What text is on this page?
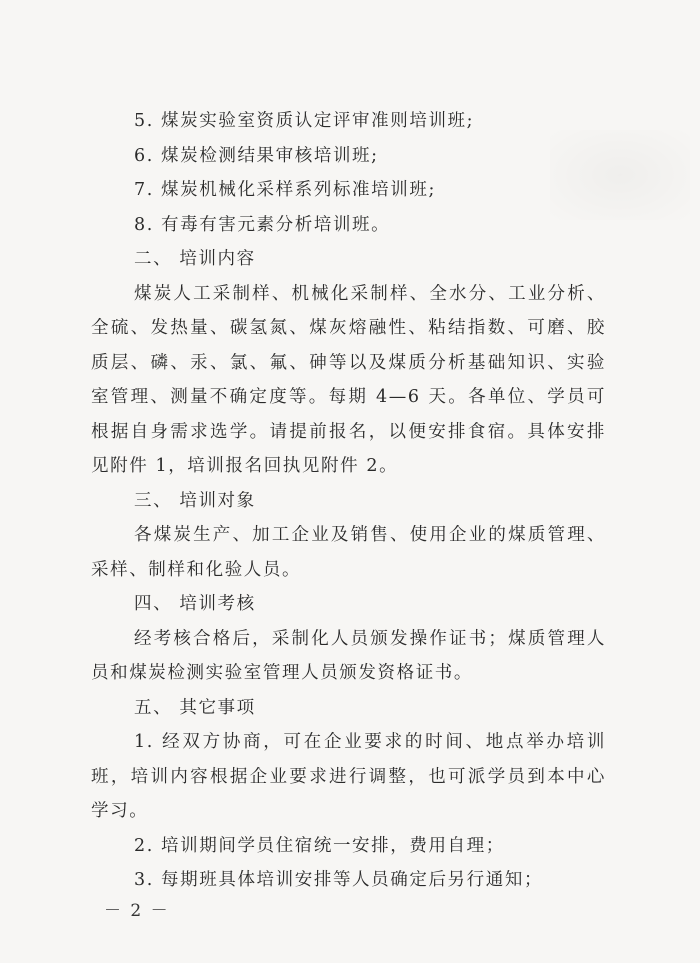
5. 煤炭实验室资质认定评审准则培训班;
6. 煤炭检测结果审核培训班;
7. 煤炭机械化采样系列标准培训班;
8. 有毒有害元素分析培训班。
二、 培训内容

煤炭人工采制样、机械化采制样、全水分、工业分析、全硫、发热量、碳氢氮、煤灰熔融性、粘结指数、可磨、胶质层、磷、汞、氯、氟、砷等以及煤质分析基础知识、实验室管理、测量不确定度等。每期 4—6 天。各单位、学员可根据自身需求选学。请提前报名，以便安排食宿。具体安排见附件 1，培训报名回执见附件 2。

三、 培训对象

各煤炭生产、加工企业及销售、使用企业的煤质管理、采样、制样和化验人员。

四、 培训考核

经考核合格后，采制化人员颁发操作证书；煤质管理人员和煤炭检测实验室管理人员颁发资格证书。

五、 其它事项

1. 经双方协商，可在企业要求的时间、地点举办培训班，培训内容根据企业要求进行调整，也可派学员到本中心学习。

2. 培训期间学员住宿统一安排，费用自理；
3. 每期班具体培训安排等人员确定后另行通知；
－ 2 －
